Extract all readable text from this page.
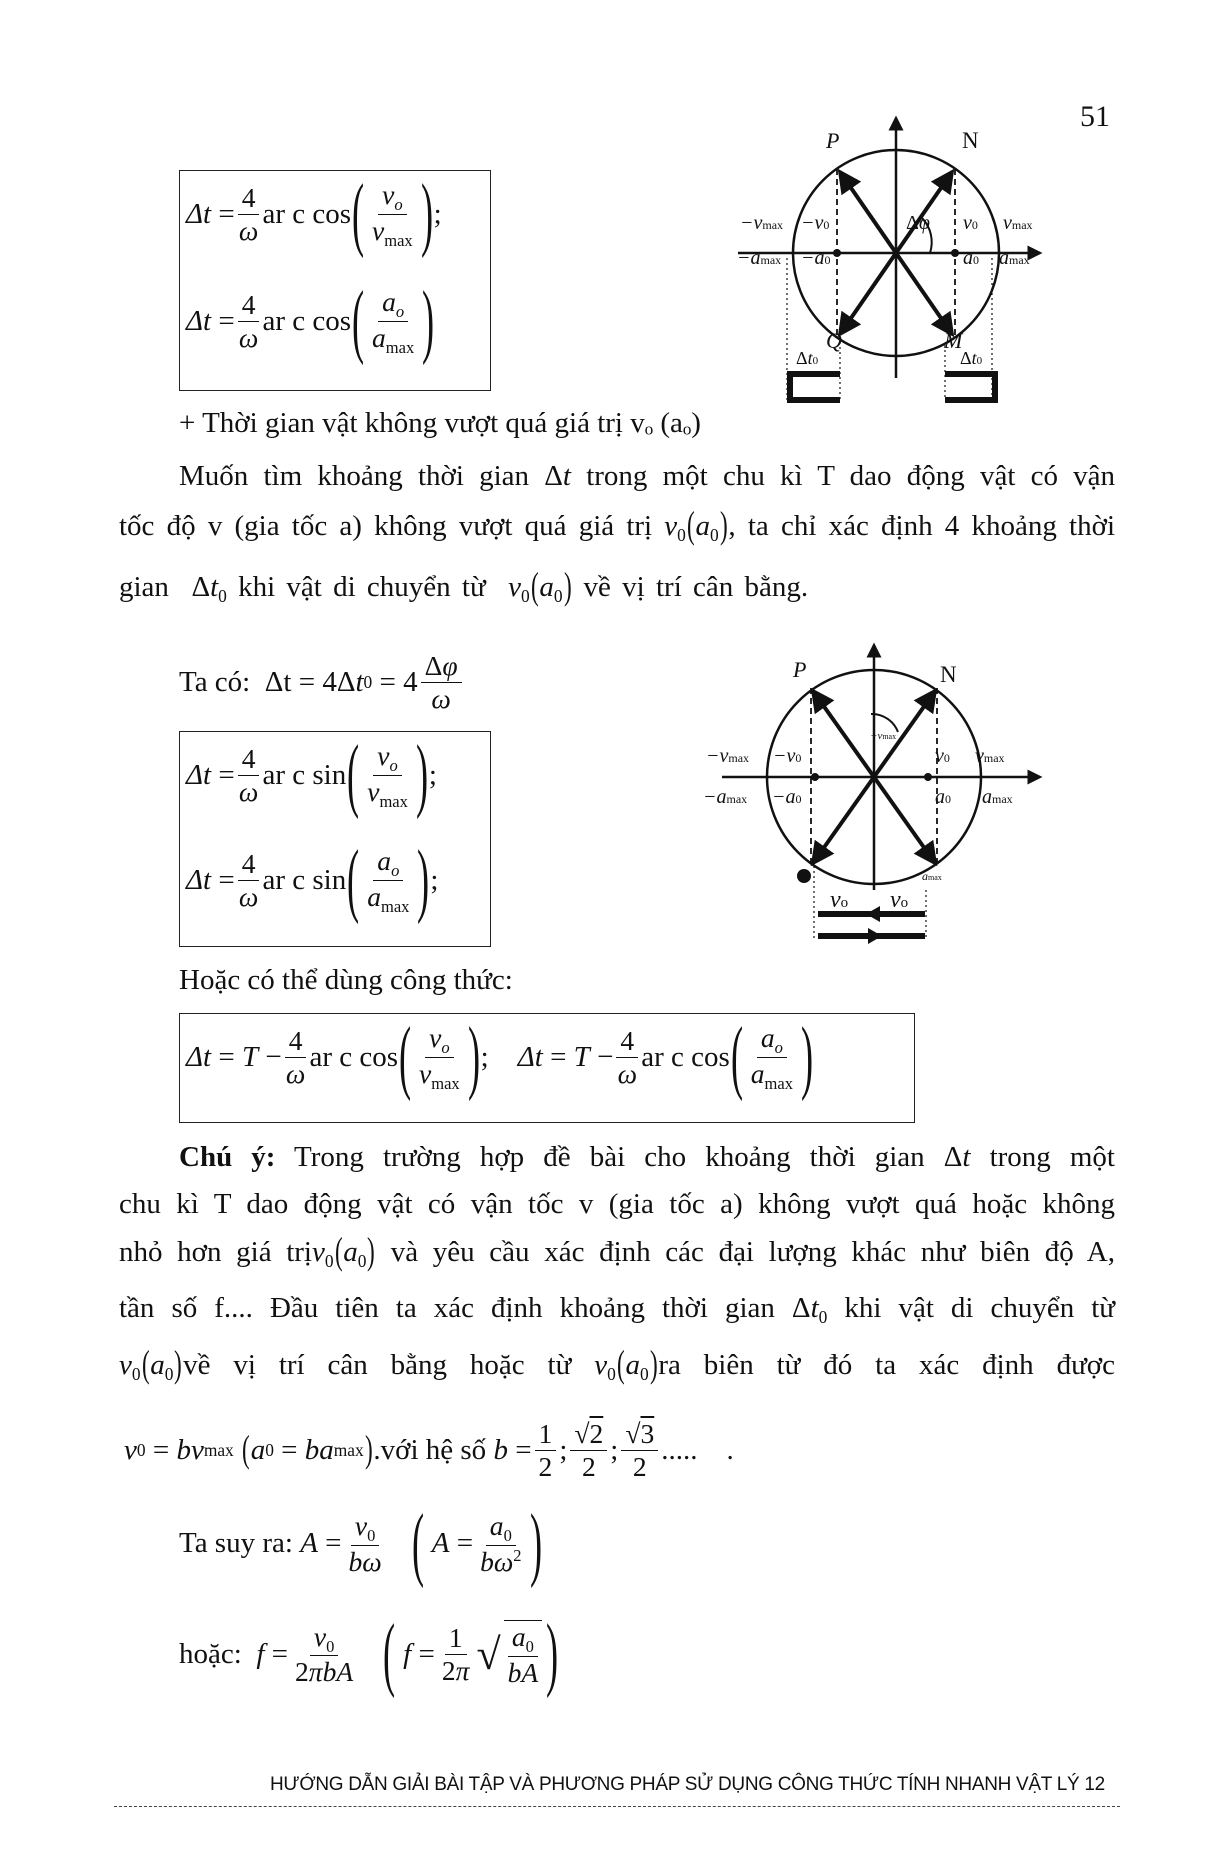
51
Δt
= $\frac{4}{\omega}$ ar c cos ( $\frac{v_o}{v_{max}}$ ) ;
Δt
= $\frac{4}{\omega}$ ar c cos ( $\frac{a_o}{a_{max}}$ )
+ Thời gian vật không vượt quá giá trị vₒ (aₒ)
Muốn tìm khoảng thời gian Δt trong một chu kì T dao động vật có vận
tốc độ v (gia tốc a) không vượt quá giá trị $v_0(a_0)$, ta chỉ xác định 4 khoảng thời
gian $\Delta t_0$ khi vật di chuyển từ $v_0(a_0)$ về vị trí cân bằng.
Ta có:
Δt
=
4 Δ t 0
=
$4 \frac{\Delta\varphi}{\omega}$
Δt
= $\frac{4}{\omega}$ ar c sin ( $\frac{v_o}{v_{max}}$ ) ;
Δt
= $\frac{4}{\omega}$ ar c sin ( $\frac{a_o}{a_{max}}$ ) ;
Hoặc có thể dùng công thức:
Δt
=
T
− $\frac{4}{\omega}$ ar c cos ( $\frac{v_o}{v_{max}}$ ) ;
Δt
=
T
− $\frac{4}{\omega}$ ar c cos ( $\frac{a_o}{a_{max}}$ )
Chú ý: Trong trường hợp đề bài cho khoảng thời gian Δt trong một
chu kì T dao động vật có vận tốc v (gia tốc a) không vượt quá hoặc không
nhỏ hơn giá $trịv_0(a_0)$ và yêu cầu xác định các đại lượng khác như biên độ A,
tần số f.... Đầu tiên ta xác định khoảng thời gian $\Delta t_0$ khi vật di chuyển từ
$v_0(a_0)về$ vị trí cân bằng hoặc từ $v_0(a_0)ra$ biên từ đó ta xác định được
v 0
=
b v max
( a 0
=
b a max ) .với hệ số
b
= $\frac{1}{2}$ ; $\frac{√2}{2}$ ; $\frac{√3}{2}$ .....
.
Ta suy ra:
A
= $\frac{v_0}{b\omega}$
(
A
= $\frac{a_0}{b\omega^2}$ )
hoặc:
f
= $\frac{v_0}{\text{2πbA}}$
(
f
= $\frac{1}{2\pi}$ √ $\frac{a_0}{bA}$ )
HƯỚNG DẪN GIẢI BÀI TẬP VÀ PHƯƠNG PHÁP SỬ DỤNG CÔNG THỨC TÍNH NHANH VẬT LÝ 12
P	N
Q	M
−vmax −v0	Δφ v0 vmax
−amax −a0	a0 amax
Δt0	Δt0
P	N
−vmax −v0	v0 vmax
−amax −a0	a0 amax
−vmax
amax
vo vo
